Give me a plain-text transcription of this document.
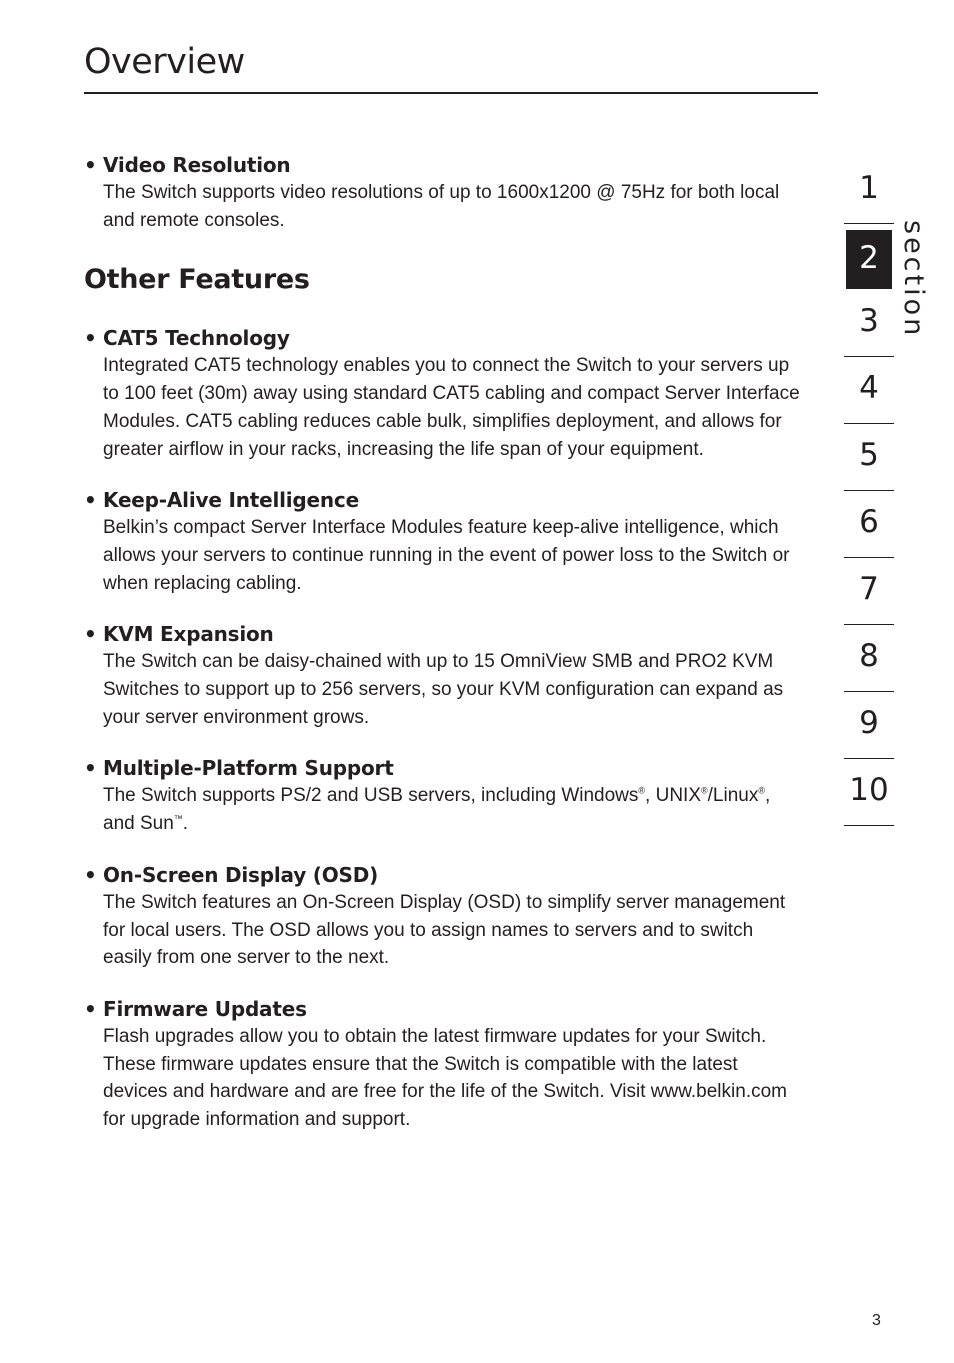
Overview
• Video Resolution
The Switch supports video resolutions of up to 1600x1200 @ 75Hz for both local and remote consoles.
Other Features
• CAT5 Technology
Integrated CAT5 technology enables you to connect the Switch to your servers up to 100 feet (30m) away using standard CAT5 cabling and compact Server Interface Modules. CAT5 cabling reduces cable bulk, simplifies deployment, and allows for greater airflow in your racks, increasing the life span of your equipment.
• Keep-Alive Intelligence
Belkin’s compact Server Interface Modules feature keep-alive intelligence, which allows your servers to continue running in the event of power loss to the Switch or when replacing cabling.
• KVM Expansion
The Switch can be daisy-chained with up to 15 OmniView SMB and PRO2 KVM Switches to support up to 256 servers, so your KVM configuration can expand as your server environment grows.
• Multiple-Platform Support
The Switch supports PS/2 and USB servers, including Windows®, UNIX®/Linux®, and Sun™.
• On-Screen Display (OSD)
The Switch features an On-Screen Display (OSD) to simplify server management for local users. The OSD allows you to assign names to servers and to switch easily from one server to the next.
• Firmware Updates
Flash upgrades allow you to obtain the latest firmware updates for your Switch. These firmware updates ensure that the Switch is compatible with the latest devices and hardware and are free for the life of the Switch. Visit www.belkin.com for upgrade information and support.
1
2
3
4
5
6
7
8
9
10
section
3
